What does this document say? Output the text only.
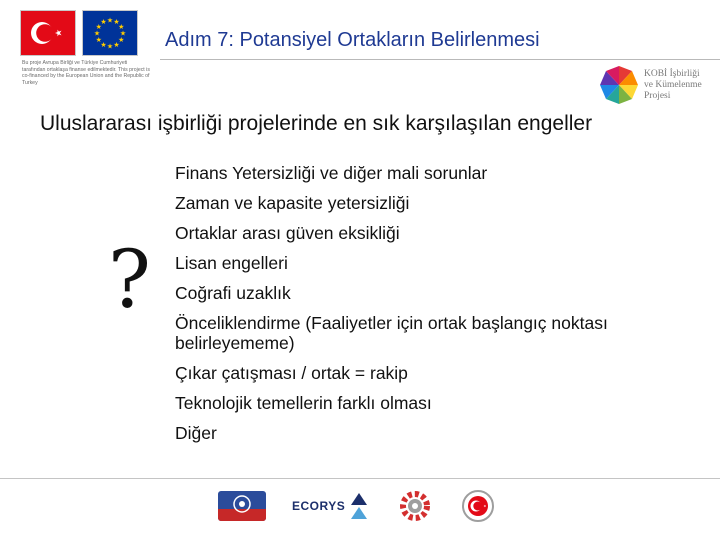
★ ★
★
★
★
★
★
★
★
★
★
★
Bu proje Avrupa Birliği ve Türkiye Cumhuriyeti tarafından ortaklaşa finanse edilmektedir. This project is co-financed by the European Union and the Republic of Turkey
Adım 7: Potansiyel Ortakların Belirlenmesi
KOBİ İşbirliği ve Kümelenme Projesi
Uluslararası işbirliği projelerinde en sık karşılaşılan engeller
?
Finans Yetersizliği ve diğer mali sorunlar
Zaman ve kapasite yetersizliği
Ortaklar arası güven eksikliği
Lisan engelleri
Coğrafi uzaklık
Önceliklendirme (Faaliyetler için ortak başlangıç noktası belirleyememe)
Çıkar çatışması / ortak = rakip
Teknolojik temellerin farklı olması
Diğer
ECORYS
